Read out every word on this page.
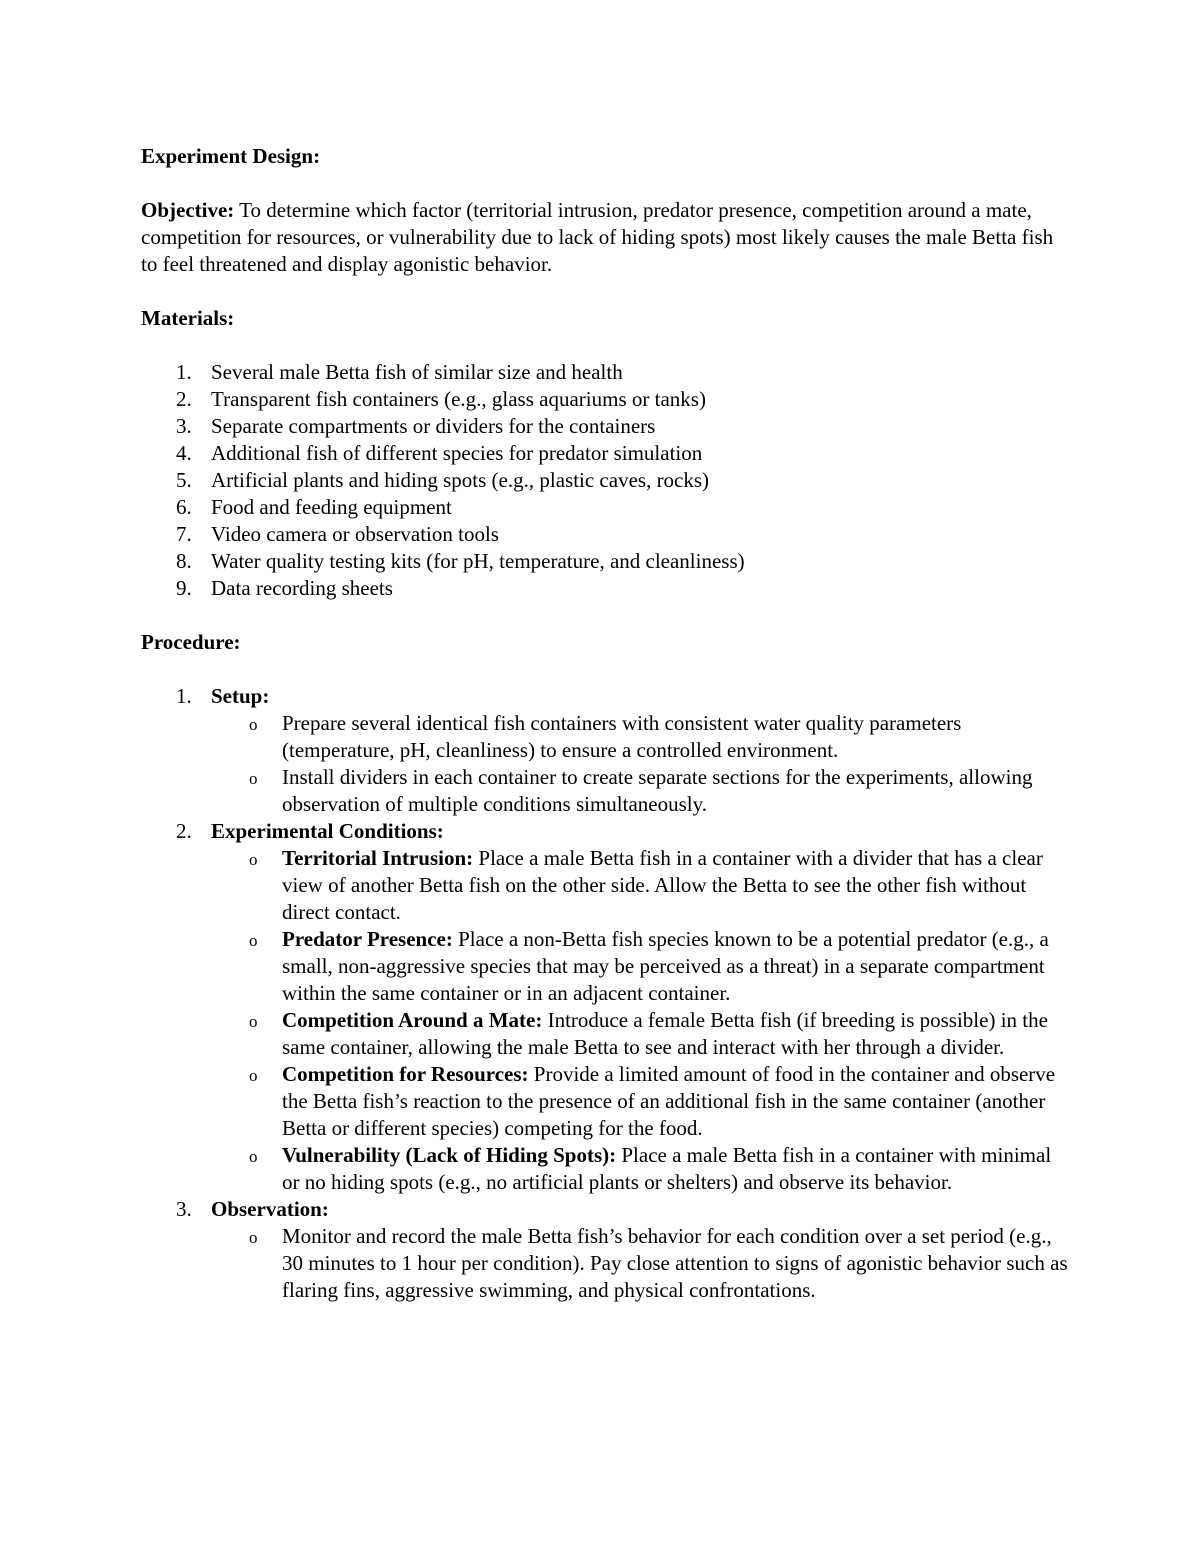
Experiment Design:

Objective: To determine which factor (territorial intrusion, predator presence, competition around a mate, competition for resources, or vulnerability due to lack of hiding spots) most likely causes the male Betta fish to feel threatened and display agonistic behavior.

Materials:

1. Several male Betta fish of similar size and health
2. Transparent fish containers (e.g., glass aquariums or tanks)
3. Separate compartments or dividers for the containers
4. Additional fish of different species for predator simulation
5. Artificial plants and hiding spots (e.g., plastic caves, rocks)
6. Food and feeding equipment
7. Video camera or observation tools
8. Water quality testing kits (for pH, temperature, and cleanliness)
9. Data recording sheets

Procedure:

1. Setup:
o Prepare several identical fish containers with consistent water quality parameters (temperature, pH, cleanliness) to ensure a controlled environment.
o Install dividers in each container to create separate sections for the experiments, allowing observation of multiple conditions simultaneously.
2. Experimental Conditions:
o Territorial Intrusion: Place a male Betta fish in a container with a divider that has a clear view of another Betta fish on the other side. Allow the Betta to see the other fish without direct contact.
o Predator Presence: Place a non-Betta fish species known to be a potential predator (e.g., a small, non-aggressive species that may be perceived as a threat) in a separate compartment within the same container or in an adjacent container.
o Competition Around a Mate: Introduce a female Betta fish (if breeding is possible) in the same container, allowing the male Betta to see and interact with her through a divider.
o Competition for Resources: Provide a limited amount of food in the container and observe the Betta fish’s reaction to the presence of an additional fish in the same container (another Betta or different species) competing for the food.
o Vulnerability (Lack of Hiding Spots): Place a male Betta fish in a container with minimal or no hiding spots (e.g., no artificial plants or shelters) and observe its behavior.
3. Observation:
o Monitor and record the male Betta fish’s behavior for each condition over a set period (e.g., 30 minutes to 1 hour per condition). Pay close attention to signs of agonistic behavior such as flaring fins, aggressive swimming, and physical confrontations.
